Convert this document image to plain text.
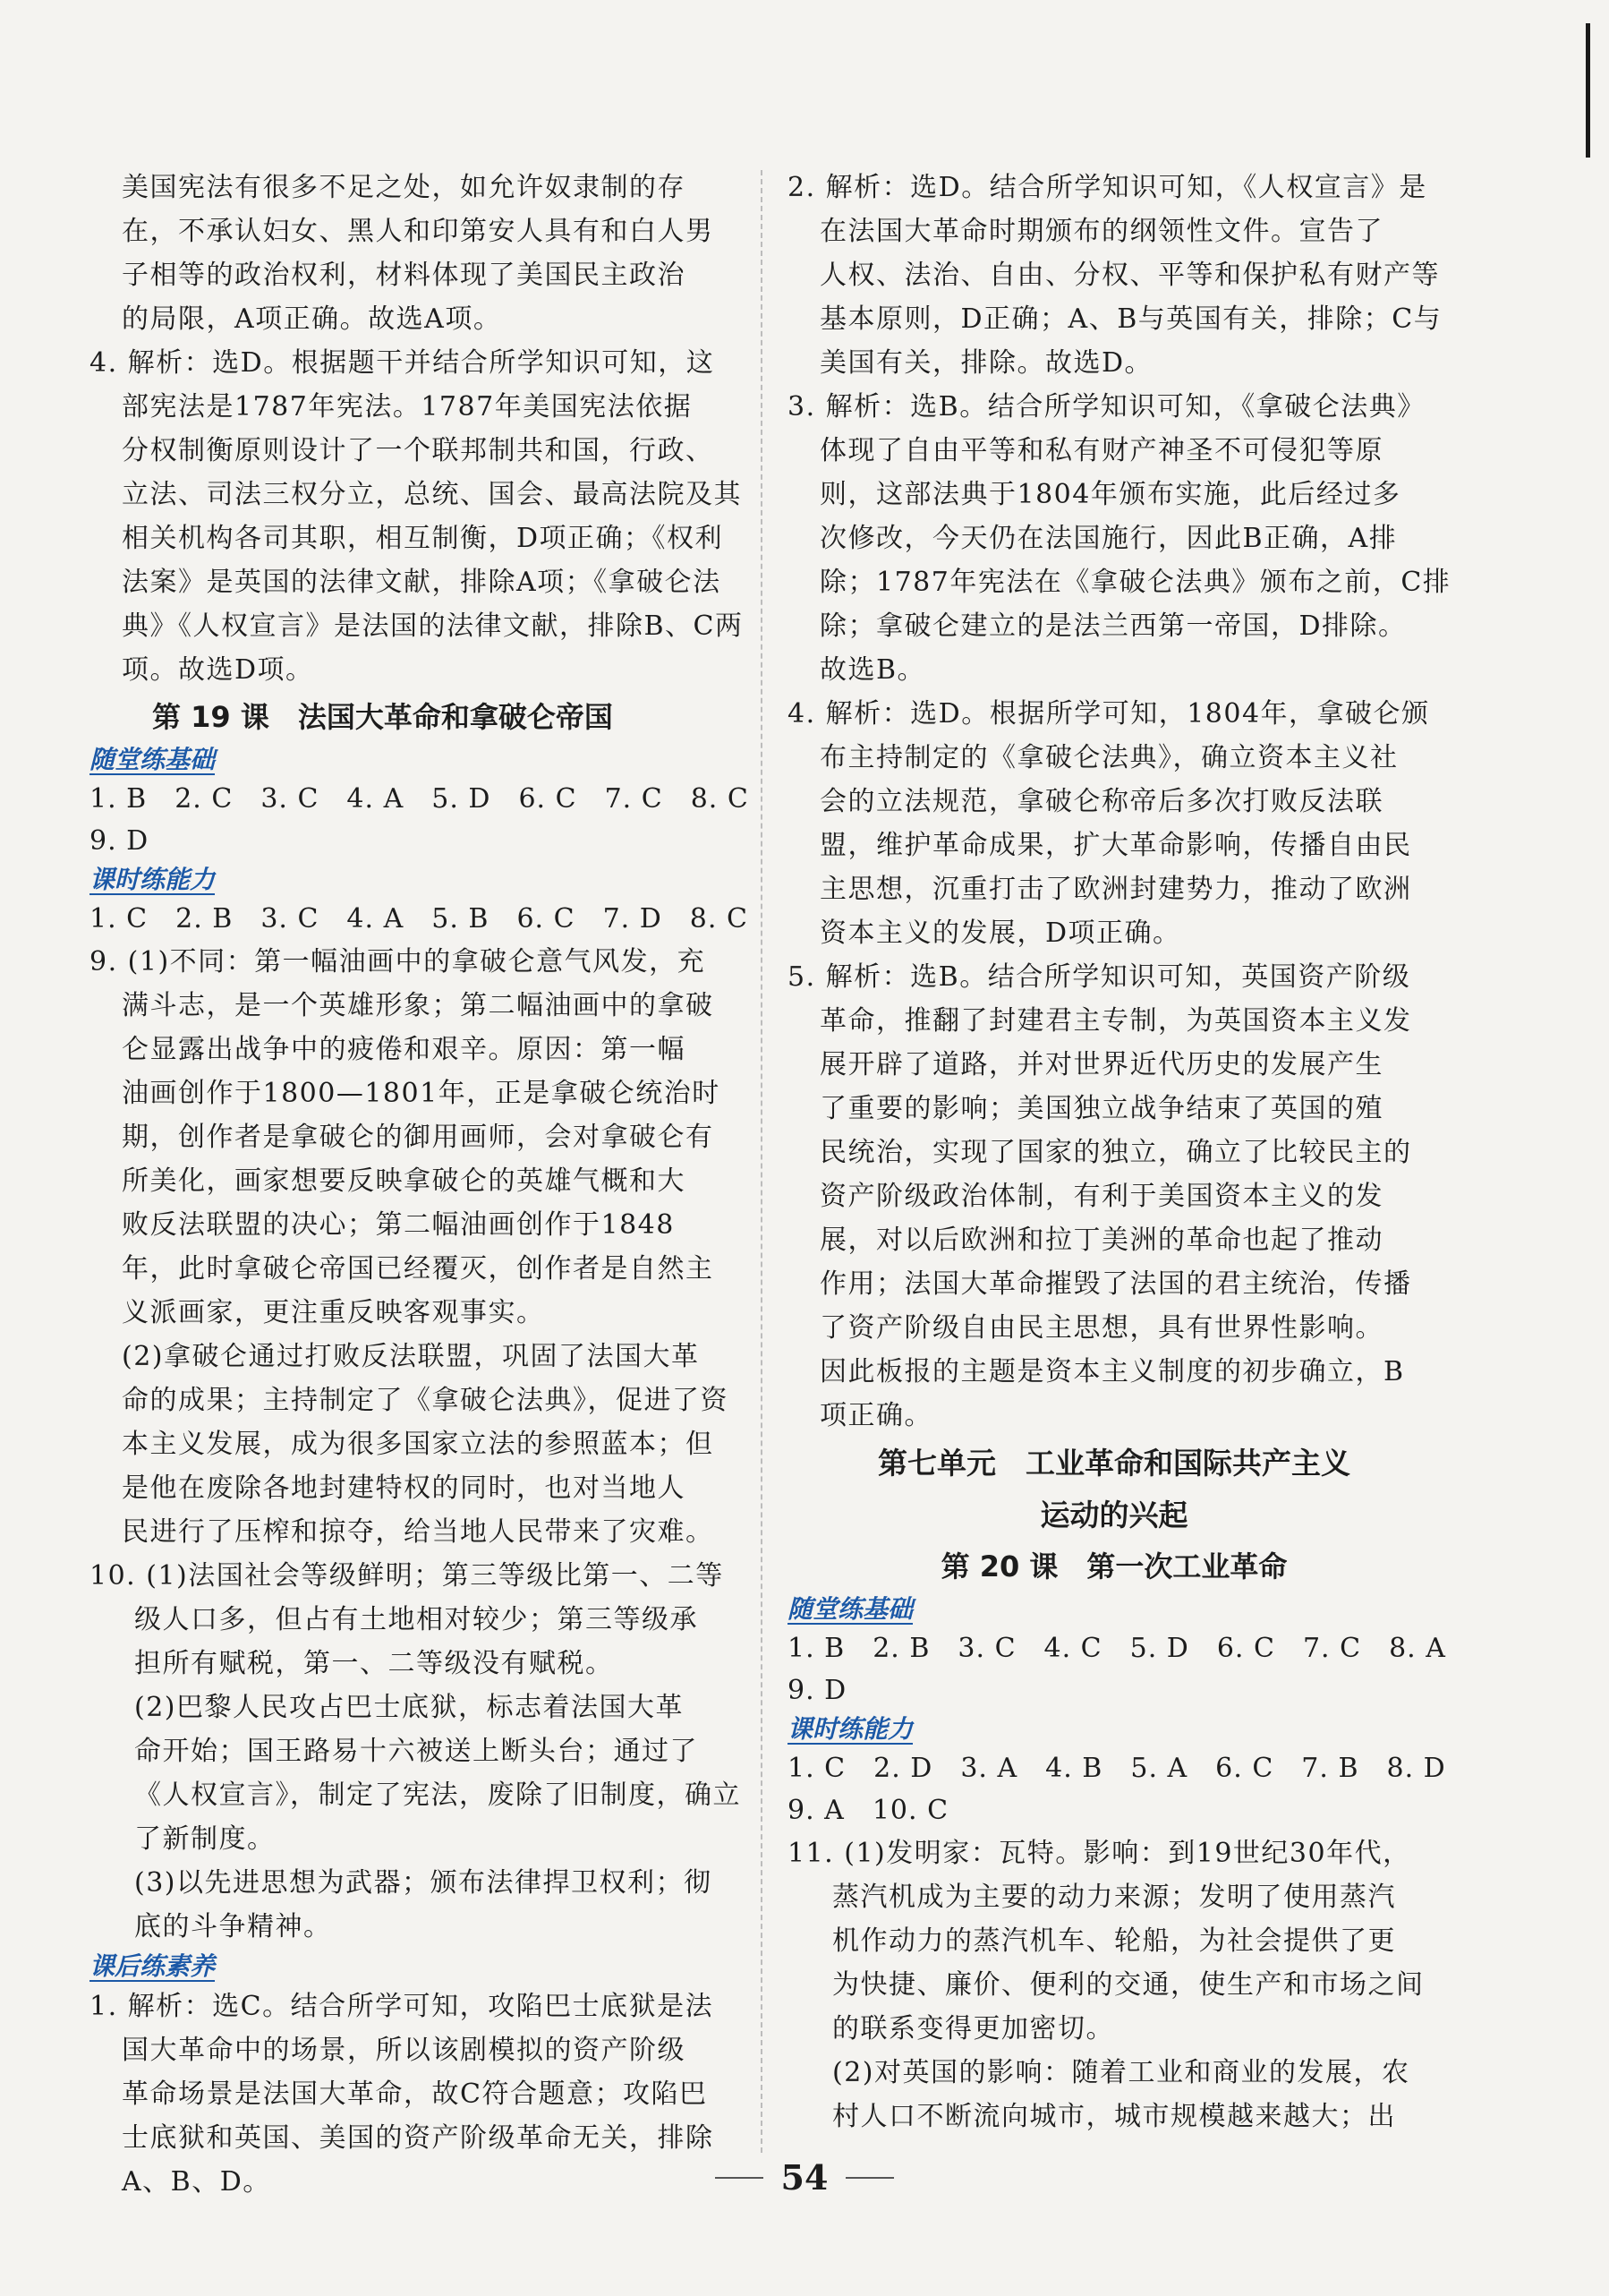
美国宪法有很多不足之处，如允许奴隶制的存
在，不承认妇女、黑人和印第安人具有和白人男
子相等的政治权利，材料体现了美国民主政治
的局限，A项正确。故选A项。
4. 解析：选D。根据题干并结合所学知识可知，这
部宪法是1787年宪法。1787年美国宪法依据
分权制衡原则设计了一个联邦制共和国，行政、
立法、司法三权分立，总统、国会、最高法院及其
相关机构各司其职，相互制衡，D项正确；《权利
法案》是英国的法律文献，排除A项；《拿破仑法
典》《人权宣言》是法国的法律文献，排除B、C两
项。故选D项。
第 19 课　法国大革命和拿破仑帝国
随堂练基础
1. B　2. C　3. C　4. A　5. D　6. C　7. C　8. C
9. D
课时练能力
1. C　2. B　3. C　4. A　5. B　6. C　7. D　8. C
9. (1)不同：第一幅油画中的拿破仑意气风发，充
满斗志，是一个英雄形象；第二幅油画中的拿破
仑显露出战争中的疲倦和艰辛。原因：第一幅
油画创作于1800—1801年，正是拿破仑统治时
期，创作者是拿破仑的御用画师，会对拿破仑有
所美化，画家想要反映拿破仑的英雄气概和大
败反法联盟的决心；第二幅油画创作于1848
年，此时拿破仑帝国已经覆灭，创作者是自然主
义派画家，更注重反映客观事实。
(2)拿破仑通过打败反法联盟，巩固了法国大革
命的成果；主持制定了《拿破仑法典》，促进了资
本主义发展，成为很多国家立法的参照蓝本；但
是他在废除各地封建特权的同时，也对当地人
民进行了压榨和掠夺，给当地人民带来了灾难。
10. (1)法国社会等级鲜明；第三等级比第一、二等
级人口多，但占有土地相对较少；第三等级承
担所有赋税，第一、二等级没有赋税。
(2)巴黎人民攻占巴士底狱，标志着法国大革
命开始；国王路易十六被送上断头台；通过了
《人权宣言》，制定了宪法，废除了旧制度，确立
了新制度。
(3)以先进思想为武器；颁布法律捍卫权利；彻
底的斗争精神。
课后练素养
1. 解析：选C。结合所学可知，攻陷巴士底狱是法
国大革命中的场景，所以该剧模拟的资产阶级
革命场景是法国大革命，故C符合题意；攻陷巴
士底狱和英国、美国的资产阶级革命无关，排除
A、B、D。
2. 解析：选D。结合所学知识可知，《人权宣言》是
在法国大革命时期颁布的纲领性文件。宣告了
人权、法治、自由、分权、平等和保护私有财产等
基本原则，D正确；A、B与英国有关，排除；C与
美国有关，排除。故选D。
3. 解析：选B。结合所学知识可知，《拿破仑法典》
体现了自由平等和私有财产神圣不可侵犯等原
则，这部法典于1804年颁布实施，此后经过多
次修改，今天仍在法国施行，因此B正确，A排
除；1787年宪法在《拿破仑法典》颁布之前，C排
除；拿破仑建立的是法兰西第一帝国，D排除。
故选B。
4. 解析：选D。根据所学可知，1804年，拿破仑颁
布主持制定的《拿破仑法典》，确立资本主义社
会的立法规范，拿破仑称帝后多次打败反法联
盟，维护革命成果，扩大革命影响，传播自由民
主思想，沉重打击了欧洲封建势力，推动了欧洲
资本主义的发展，D项正确。
5. 解析：选B。结合所学知识可知，英国资产阶级
革命，推翻了封建君主专制，为英国资本主义发
展开辟了道路，并对世界近代历史的发展产生
了重要的影响；美国独立战争结束了英国的殖
民统治，实现了国家的独立，确立了比较民主的
资产阶级政治体制，有利于美国资本主义的发
展，对以后欧洲和拉丁美洲的革命也起了推动
作用；法国大革命摧毁了法国的君主统治，传播
了资产阶级自由民主思想，具有世界性影响。
因此板报的主题是资本主义制度的初步确立，B
项正确。
第七单元　工业革命和国际共产主义
运动的兴起
第 20 课　第一次工业革命
随堂练基础
1. B　2. B　3. C　4. C　5. D　6. C　7. C　8. A
9. D
课时练能力
1. C　2. D　3. A　4. B　5. A　6. C　7. B　8. D
9. A　10. C
11. (1)发明家：瓦特。影响：到19世纪30年代，
蒸汽机成为主要的动力来源；发明了使用蒸汽
机作动力的蒸汽机车、轮船，为社会提供了更
为快捷、廉价、便利的交通，使生产和市场之间
的联系变得更加密切。
(2)对英国的影响：随着工业和商业的发展，农
村人口不断流向城市，城市规模越来越大；出
54
